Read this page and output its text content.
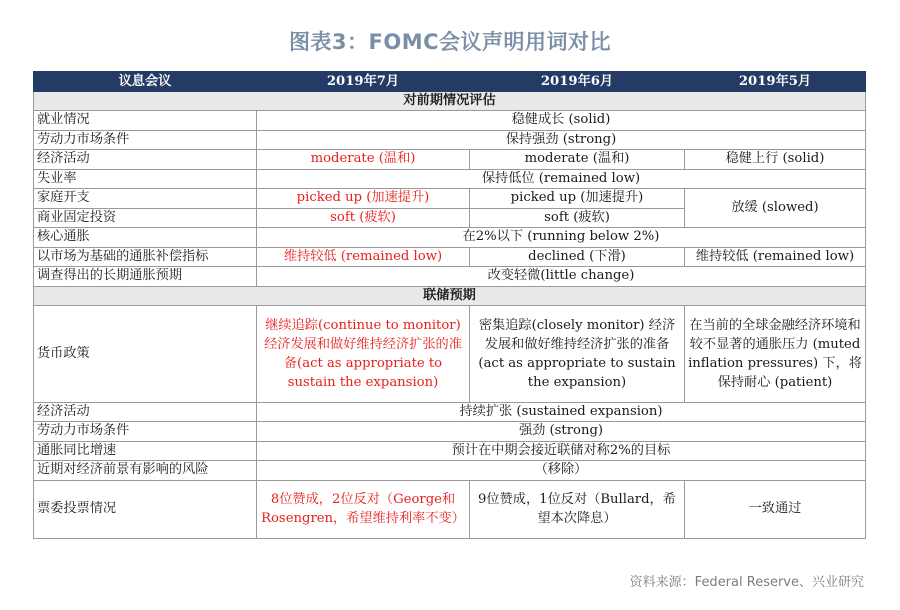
图表3：FOMC会议声明用词对比
议息会议	2019年7月	2019年6月	2019年5月
对前期情况评估			
就业情况	稳健成长 (solid)		
劳动力市场条件	保持强劲 (strong)		
经济活动	moderate (温和)	moderate (温和)	稳健上行 (solid)
失业率	保持低位 (remained low)		
家庭开支	picked up (加速提升)	picked up (加速提升)	放缓 (slowed)
商业固定投资	soft (疲软)	soft (疲软)	
核心通胀	在2%以下 (running below 2%)		
以市场为基础的通胀补偿指标	维持较低 (remained low)	declined (下滑)	维持较低 (remained low)
调查得出的长期通胀预期	改变轻微(little change)		
联储预期			
货币政策	继续追踪(continue to monitor) 经济发展和做好维持经济扩张的准备(act as appropriate to sustain the expansion)	密集追踪(closely monitor) 经济发展和做好维持经济扩张的准备(act as appropriate to sustain the expansion)	在当前的全球金融经济环境和较不显著的通胀压力 (muted inflation pressures) 下，将保持耐心 (patient)
经济活动	持续扩张 (sustained expansion)		
劳动力市场条件	强劲 (strong)		
通胀同比增速	预计在中期会接近联储对称2%的目标		
近期对经济前景有影响的风险	（移除）		
票委投票情况	8位赞成，2位反对（George和Rosengren，希望维持利率不变）	9位赞成，1位反对（Bullard，希望本次降息）	一致通过
资料来源：Federal Reserve、兴业研究
